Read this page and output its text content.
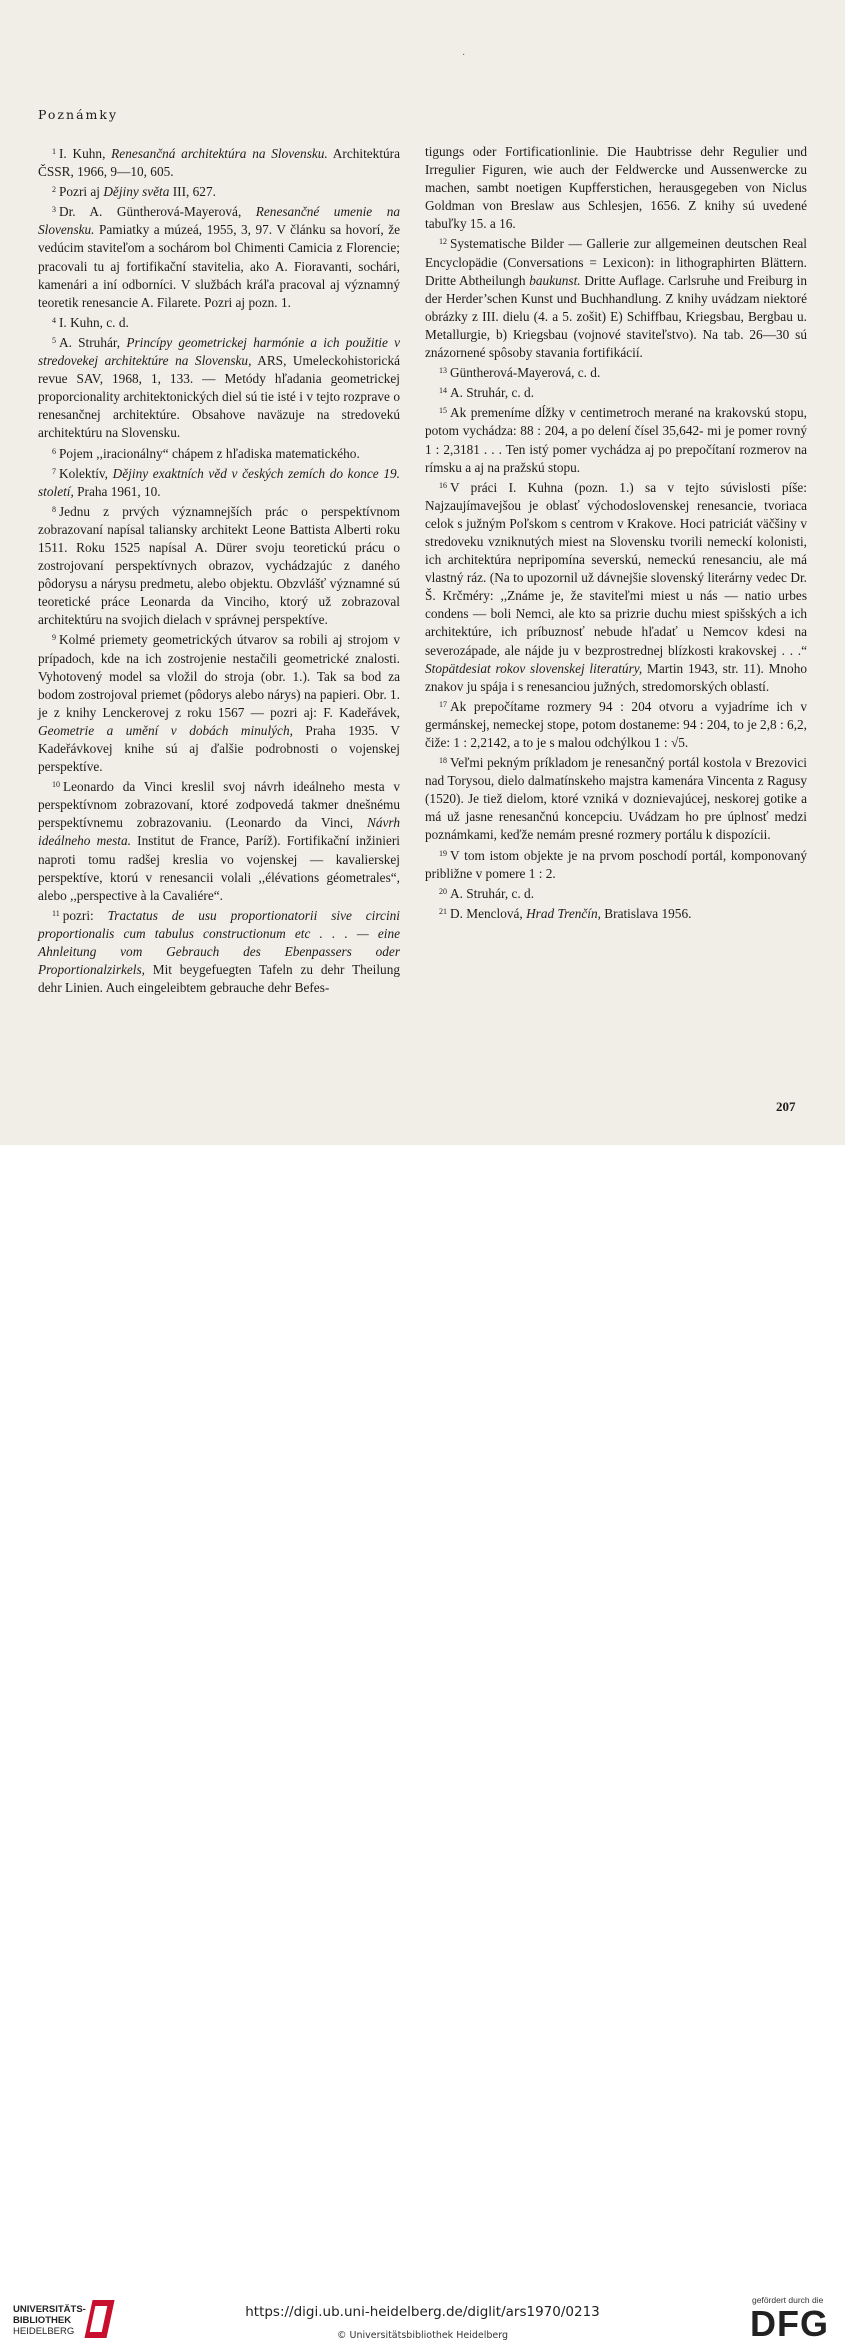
·
Poznámky

$^1$ I. Kuhn, Renesančná architektúra na Slovensku. Architektúra ČSSR, 1966, 9—10, 605.

$^2$ Pozri aj Dějiny světa III, 627.

$^3$ Dr. A. Güntherová-Mayerová, Renesančné umenie na Slovensku. Pamiatky a múzeá, 1955, 3, 97. V článku sa hovorí, že vedúcim staviteľom a sochárom bol Chimenti Camicia z Florencie; pracovali tu aj fortifikační stavitelia, ako A. Fioravanti, sochári, kamenári a iní odborníci. V službách kráľa pracoval aj významný teoretik renesancie A. Filarete. Pozri aj pozn. 1.

$^4$ I. Kuhn, c. d.

$^5$ A. Struhár, Princípy geometrickej harmónie a ich použitie v stredovekej architektúre na Slovensku, ARS, Umeleckohistorická revue SAV, 1968, 1, 133. — Metódy hľadania geometrickej proporcionality architektonických diel sú tie isté i v tejto rozprave o renesančnej architektúre. Obsahove naväzuje na stredovekú architektúru na Slovensku.

$^6$ Pojem ,,iracionálny“ chápem z hľadiska matematického.

$^7$ Kolektív, Dějiny exaktních věd v českých zemích do konce 19. století, Praha 1961, 10.

$^8$ Jednu z prvých významnejších prác o perspektívnom zobrazovaní napísal taliansky architekt Leone Battista Alberti roku 1511. Roku 1525 napísal A. Dürer svoju teoretickú prácu o zostrojovaní perspektívnych obrazov, vychádzajúc z daného pôdorysu a nárysu predmetu, alebo objektu. Obzvlášť významné sú teoretické práce Leonarda da Vinciho, ktorý už zobrazoval architektúru na svojich dielach v správnej perspektíve.

$^9$ Kolmé priemety geometrických útvarov sa robili aj strojom v prípadoch, kde na ich zostrojenie nestačili geometrické znalosti. Vyhotovený model sa vložil do stroja (obr. 1.). Tak sa bod za bodom zostrojoval priemet (pôdorys alebo nárys) na papieri. Obr. 1. je z knihy Lenckerovej z roku 1567 — pozri aj: F. Kadeřávek, Geometrie a umění v dobách minulých, Praha 1935. V Kadeřávkovej knihe sú aj ďalšie podrobnosti o vojenskej perspektíve.

$^{10}$ Leonardo da Vinci kreslil svoj návrh ideálneho mesta v perspektívnom zobrazovaní, ktoré zodpovedá takmer dnešnému perspektívnemu zobrazovaniu. (Leonardo da Vinci, Návrh ideálneho mesta. Institut de France, Paríž). Fortifikační inžinieri naproti tomu radšej kreslia vo vojenskej — kavalierskej perspektíve, ktorú v renesancii volali ,,élévations géometrales“, alebo ,,perspective à la Cavaliére“.

$^{11}$ pozri: Tractatus de usu proportionatorii sive circini proportionalis cum tabulus constructionum etc . . . — eine Ahnleitung vom Gebrauch des Ebenpassers oder Proportionalzirkels, Mit beygefuegten Tafeln zu dehr Theilung dehr Linien. Auch eingeleibtem gebrauche dehr Befes-

tigungs oder Fortificationlinie. Die Haubtrisse dehr Regulier und Irregulier Figuren, wie auch der Feldwercke und Aussenwercke zu machen, sambt noetigen Kupfferstichen, herausgegeben von Niclus Goldman von Breslaw aus Schlesjen, 1656. Z knihy sú uvedené tabuľky 15. a 16.

$^{12}$ Systematische Bilder — Gallerie zur allgemeinen deutschen Real Encyclopädie (Conversations = Lexicon): in lithographirten Blättern. Dritte Abtheilungh baukunst. Dritte Auflage. Carlsruhe und Freiburg in der Herder’schen Kunst und Buchhandlung. Z knihy uvádzam niektoré obrázky z III. dielu (4. a 5. zošit) E) Schiffbau, Kriegsbau, Bergbau u. Metallurgie, b) Kriegsbau (vojnové staviteľstvo). Na tab. 26—30 sú znázornené spôsoby stavania fortifikácií.

$^{13}$ Güntherová-Mayerová, c. d.

$^{14}$ A. Struhár, c. d.

$^{15}$ Ak premeníme dĺžky v centimetroch merané na krakovskú stopu, potom vychádza: 88 : 204, a po delení čísel 35,642- mi je pomer rovný 1 : 2,3181 . . . Ten istý pomer vychádza aj po prepočítaní rozmerov na rímsku a aj na pražskú stopu.

$^{16}$ V práci I. Kuhna (pozn. 1.) sa v tejto súvislosti píše: Najzaujímavejšou je oblasť východoslovenskej renesancie, tvoriaca celok s južným Poľskom s centrom v Krakove. Hoci patriciát väčšiny v stredoveku vzniknutých miest na Slovensku tvorili nemeckí kolonisti, ich architektúra nepripomína severskú, nemeckú renesanciu, ale má vlastný ráz. (Na to upozornil už dávnejšie slovenský literárny vedec Dr. Š. Krčméry: ,,Známe je, že staviteľmi miest u nás — natio urbes condens — boli Nemci, ale kto sa prizrie duchu miest spišských a ich architektúre, ich príbuznosť nebude hľadať u Nemcov kdesi na severozápade, ale nájde ju v bezprostrednej blízkosti krakovskej . . .“ Stopätdesiat rokov slovenskej literatúry, Martin 1943, str. 11). Mnoho znakov ju spája i s renesanciou južných, stredomorských oblastí.

$^{17}$ Ak prepočítame rozmery 94 : 204 otvoru a vyjadríme ich v germánskej, nemeckej stope, potom dostaneme: 94 : 204, to je 2,8 : 6,2, čiže: 1 : 2,2142, a to je s malou odchýlkou 1 : √5.

$^{18}$ Veľmi pekným príkladom je renesančný portál kostola v Brezovici nad Torysou, dielo dalmatínskeho majstra kamenára Vincenta z Ragusy (1520). Je tiež dielom, ktoré vzniká v doznievajúcej, neskorej gotike a má už jasne renesančnú koncepciu. Uvádzam ho pre úplnosť medzi poznámkami, keďže nemám presné rozmery portálu k dispozícii.

$^{19}$ V tom istom objekte je na prvom poschodí portál, komponovaný približne v pomere 1 : 2.

$^{20}$ A. Struhár, c. d.

$^{21}$ D. Menclová, Hrad Trenčín, Bratislava 1956.

207
UNIVERSITÄTS-
BIBLIOTHEK
HEIDELBERG
https://digi.ub.uni-heidelberg.de/diglit/ars1970/0213
© Universitätsbibliothek Heidelberg
gefördert durch die
DFG
